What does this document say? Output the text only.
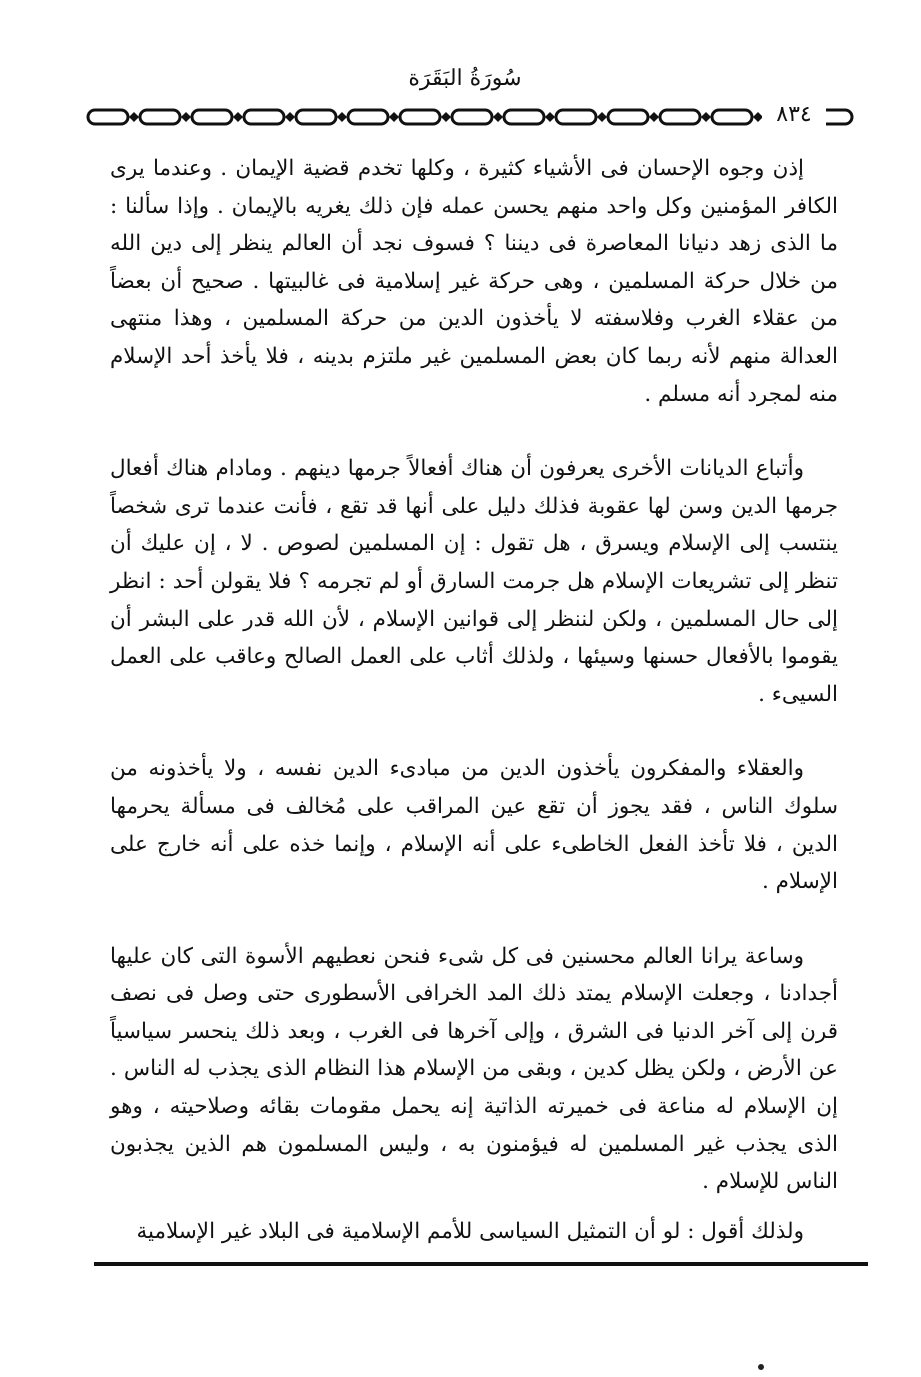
سُورَةُ البَقَرَة
٨٣٤

إذن وجوه الإحسان فى الأشياء كثيرة ، وكلها تخدم قضية الإيمان . وعندما يرى الكافر المؤمنين وكل واحد منهم يحسن عمله فإن ذلك يغريه بالإيمان . وإذا سألنا : ما الذى زهد دنيانا المعاصرة فى ديننا ؟ فسوف نجد أن العالم ينظر إلى دين الله من خلال حركة المسلمين ، وهى حركة غير إسلامية فى غالبيتها . صحيح أن بعضاً من عقلاء الغرب وفلاسفته لا يأخذون الدين من حركة المسلمين ، وهذا منتهى العدالة منهم لأنه ربما كان بعض المسلمين غير ملتزم بدينه ، فلا يأخذ أحد الإسلام منه لمجرد أنه مسلم .

وأتباع الديانات الأخرى يعرفون أن هناك أفعالاً جرمها دينهم . ومادام هناك أفعال جرمها الدين وسن لها عقوبة فذلك دليل على أنها قد تقع ، فأنت عندما ترى شخصاً ينتسب إلى الإسلام ويسرق ، هل تقول : إن المسلمين لصوص . لا ، إن عليك أن تنظر إلى تشريعات الإسلام هل جرمت السارق أو لم تجرمه ؟ فلا يقولن أحد : انظر إلى حال المسلمين ، ولكن لننظر إلى قوانين الإسلام ، لأن الله قدر على البشر أن يقوموا بالأفعال حسنها وسيئها ، ولذلك أثاب على العمل الصالح وعاقب على العمل السيىء .

والعقلاء والمفكرون يأخذون الدين من مبادىء الدين نفسه ، ولا يأخذونه من سلوك الناس ، فقد يجوز أن تقع عين المراقب على مُخالف فى مسألة يحرمها الدين ، فلا تأخذ الفعل الخاطىء على أنه الإسلام ، وإنما خذه على أنه خارج على الإسلام .

وساعة يرانا العالم محسنين فى كل شىء فنحن نعطيهم الأسوة التى كان عليها أجدادنا ، وجعلت الإسلام يمتد ذلك المد الخرافى الأسطورى حتى وصل فى نصف قرن إلى آخر الدنيا فى الشرق ، وإلى آخرها فى الغرب ، وبعد ذلك ينحسر سياسياً عن الأرض ، ولكن يظل كدين ، وبقى من الإسلام هذا النظام الذى يجذب له الناس . إن الإسلام له مناعة فى خميرته الذاتية إنه يحمل مقومات بقائه وصلاحيته ، وهو الذى يجذب غير المسلمين له فيؤمنون به ، وليس المسلمون هم الذين يجذبون الناس للإسلام .

ولذلك أقول : لو أن التمثيل السياسى للأمم الإسلامية فى البلاد غير الإسلامية
